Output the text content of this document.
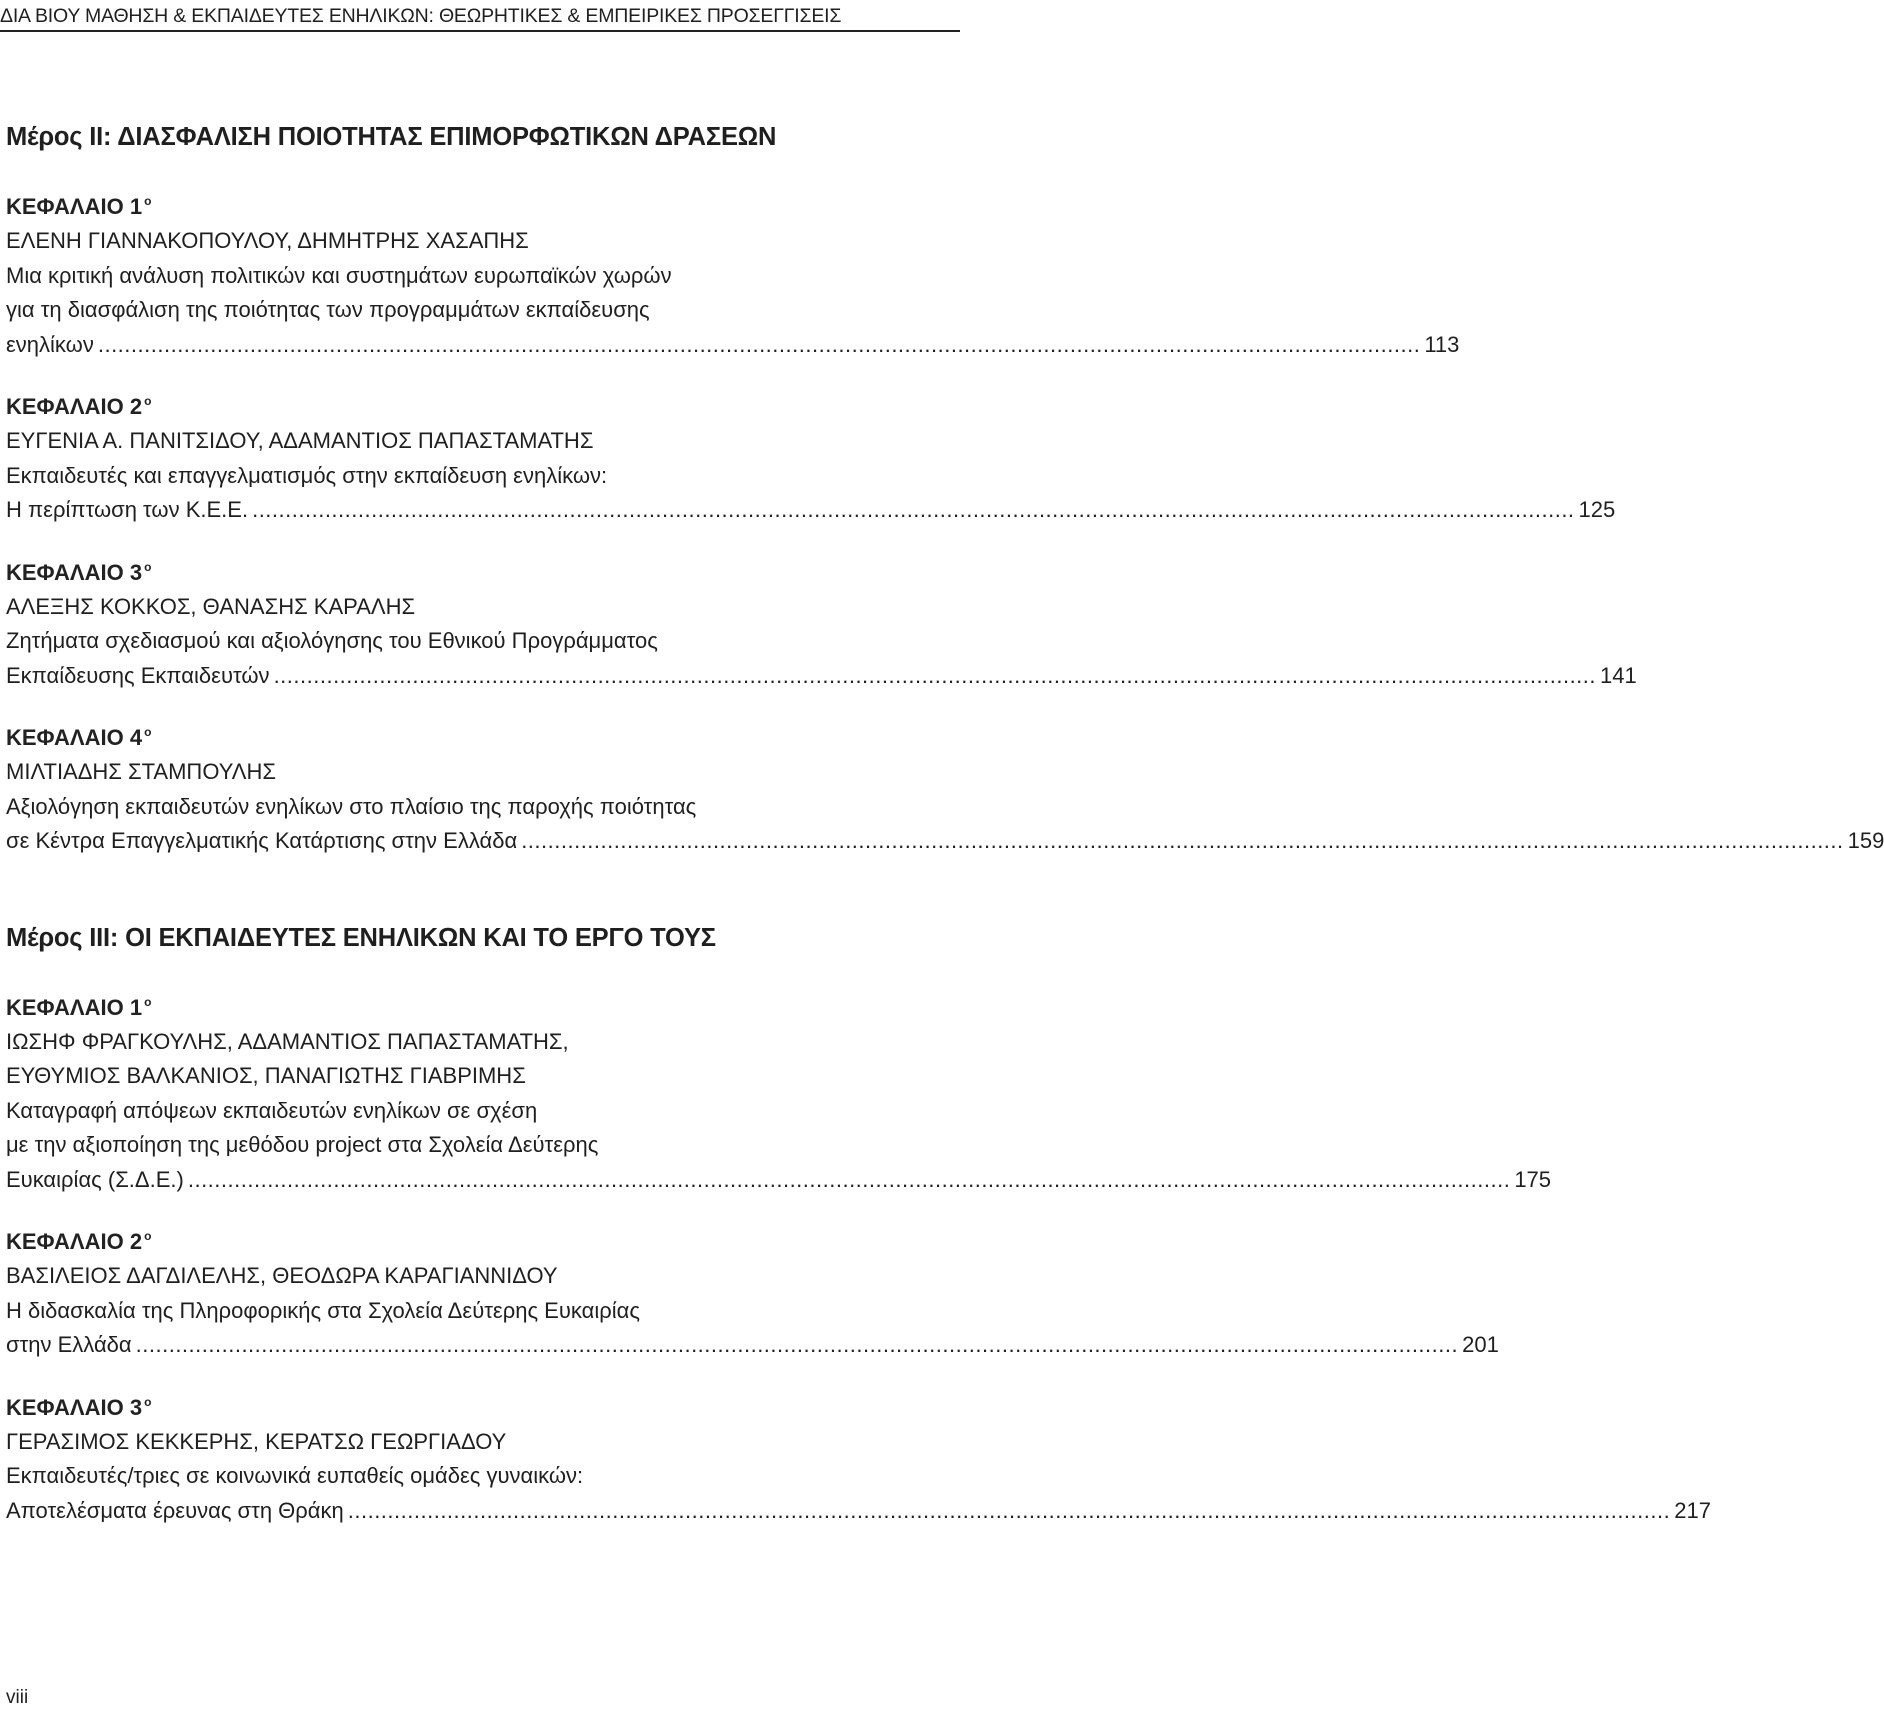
ΔΙΑ ΒΙΟΥ ΜΑΘΗΣΗ & ΕΚΠΑΙΔΕΥΤΕΣ ΕΝΗΛΙΚΩΝ: ΘΕΩΡΗΤΙΚΕΣ & ΕΜΠΕΙΡΙΚΕΣ ΠΡΟΣΕΓΓΙΣΕΙΣ
Μέρος ΙΙ: ΔΙΑΣΦΑΛΙΣΗ ΠΟΙΟΤΗΤΑΣ ΕΠΙΜΟΡΦΩΤΙΚΩΝ ΔΡΑΣΕΩΝ
ΚΕΦΑΛΑΙΟ 1 $^o$
ΕΛΕΝΗ ΓΙΑΝΝΑΚΟΠΟΥΛΟΥ, ΔΗΜΗΤΡΗΣ ΧΑΣΑΠΗΣ
Μια κριτική ανάλυση πολιτικών και συστημάτων ευρωπαϊκών χωρών
για τη διασφάλιση της ποιότητας των προγραμμάτων εκπαίδευσης
ενηλίκων ........................................................................................................................................................................................................ 113
ΚΕΦΑΛΑΙΟ 2 $^o$
ΕΥΓΕΝΙΑ Α. ΠΑΝΙΤΣΙΔΟΥ, ΑΔΑΜΑΝΤΙΟΣ ΠΑΠΑΣΤΑΜΑΤΗΣ
Εκπαιδευτές και επαγγελματισμός στην εκπαίδευση ενηλίκων:
Η περίπτωση των Κ.Ε.Ε. ........................................................................................................................................................................................................ 125
ΚΕΦΑΛΑΙΟ 3 $^o$
ΑΛΕΞΗΣ ΚΟΚΚΟΣ, ΘΑΝΑΣΗΣ ΚΑΡΑΛΗΣ
Ζητήματα σχεδιασμού και αξιολόγησης του Εθνικού Προγράμματος
Εκπαίδευσης Εκπαιδευτών ........................................................................................................................................................................................................ 141
ΚΕΦΑΛΑΙΟ 4 $^o$
ΜΙΛΤΙΑΔΗΣ ΣΤΑΜΠΟΥΛΗΣ
Αξιολόγηση εκπαιδευτών ενηλίκων στο πλαίσιο της παροχής ποιότητας
σε Κέντρα Επαγγελματικής Κατάρτισης στην Ελλάδα ........................................................................................................................................................................................................ 159
Μέρος ΙΙΙ: ΟΙ ΕΚΠΑΙΔΕΥΤΕΣ ΕΝΗΛΙΚΩΝ ΚΑΙ ΤΟ ΕΡΓΟ ΤΟΥΣ
ΚΕΦΑΛΑΙΟ 1 $^o$
ΙΩΣΗΦ ΦΡΑΓΚΟΥΛΗΣ, ΑΔΑΜΑΝΤΙΟΣ ΠΑΠΑΣΤΑΜΑΤΗΣ,
ΕΥΘΥΜΙΟΣ ΒΑΛΚΑΝΙΟΣ, ΠΑΝΑΓΙΩΤΗΣ ΓΙΑΒΡΙΜΗΣ
Καταγραφή απόψεων εκπαιδευτών ενηλίκων σε σχέση
με την αξιοποίηση της μεθόδου project στα Σχολεία Δεύτερης
Ευκαιρίας (Σ.Δ.Ε.) ........................................................................................................................................................................................................ 175
ΚΕΦΑΛΑΙΟ 2 $^o$
ΒΑΣΙΛΕΙΟΣ ΔΑΓΔΙΛΕΛΗΣ, ΘΕΟΔΩΡΑ ΚΑΡΑΓΙΑΝΝΙΔΟΥ
Η διδασκαλία της Πληροφορικής στα Σχολεία Δεύτερης Ευκαιρίας
στην Ελλάδα ........................................................................................................................................................................................................ 201
ΚΕΦΑΛΑΙΟ 3 $^o$
ΓΕΡΑΣΙΜΟΣ ΚΕΚΚΕΡΗΣ, ΚΕΡΑΤΣΩ ΓΕΩΡΓΙΑΔΟΥ
Εκπαιδευτές/τριες σε κοινωνικά ευπαθείς ομάδες γυναικών:
Αποτελέσματα έρευνας στη Θράκη ........................................................................................................................................................................................................ 217
viii
